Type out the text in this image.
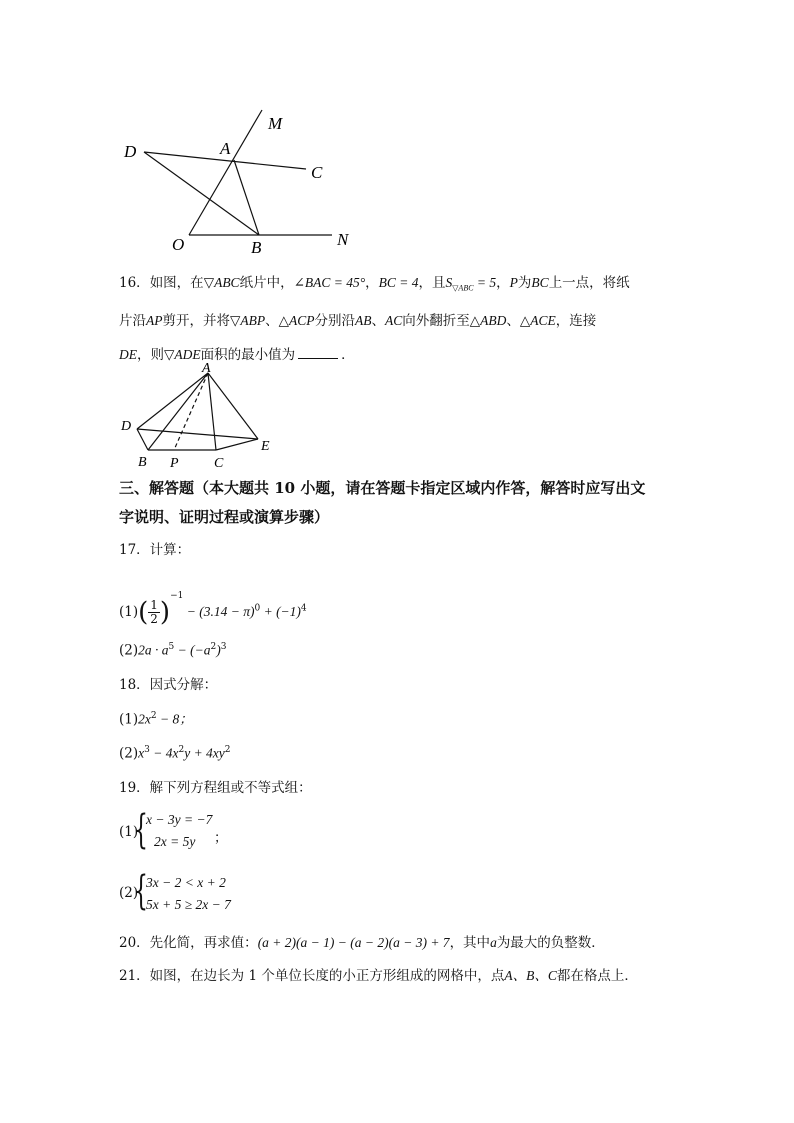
M
D	A
C
O	B	N
16．如图，在▽ABC纸片中，∠BAC = 45°，BC = 4，且$S_{▽ABC} = 5$，P为BC上一点，将纸
片沿AP剪开，并将▽ABP、△ACP分别沿AB、AC向外翻折至△ABD、△ACE，连接
DE，则▽ADE面积的最小值为	．
A
D
E
B P	C
三、解答题（本大题共 10 小题，请在答题卡指定区域内作答，解答时应写出文
字说明、证明过程或演算步骤）
17．计算：
$(1)( \frac{1}{2} )^{-1} - (3.14 - \pi)^0 + (-1)^4$
$(2)2a \cdot a^5 - (-a^2)^3$
18．因式分解：
$(1)2x^2 - 8$；
$(2)x^3 - 4x^2y + 4xy^2$
19．解下列方程组或不等式组：
(1)
{
x − 3y = −7
2x = 5y ；
(2)
{
3x − 2 < x + 2
5x + 5 ≥ 2x − 7
20．先化简，再求值：(a + 2)(a − 1) − (a − 2)(a − 3) + 7，其中a为最大的负整数．
21．如图，在边长为 1 个单位长度的小正方形组成的网格中，点A、B、C都在格点上．
